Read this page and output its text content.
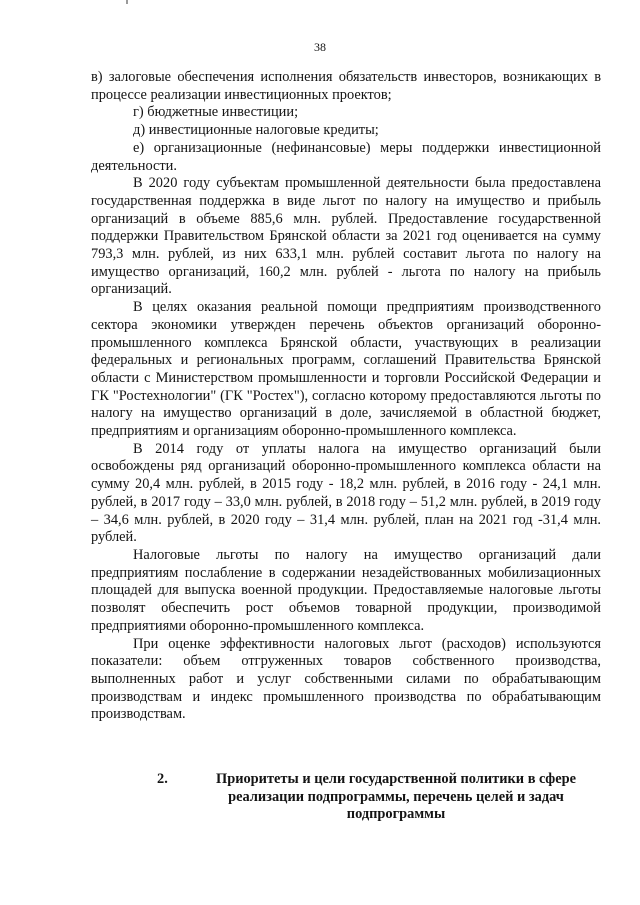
38

в) залоговые обеспечения исполнения обязательств инвесторов, возникающих в процессе реализации инвестиционных проектов;

г) бюджетные инвестиции;

д) инвестиционные налоговые кредиты;

е) организационные (нефинансовые) меры поддержки инвестиционной деятельности.

В 2020 году субъектам промышленной деятельности была предоставлена государственная поддержка в виде льгот по налогу на имущество и прибыль организаций в объеме 885,6 млн. рублей. Предоставление государственной поддержки Правительством Брянской области за 2021 год оценивается на сумму 793,3 млн. рублей, из них 633,1 млн. рублей составит льгота по налогу на имущество организаций, 160,2 млн. рублей - льгота по налогу на прибыль организаций.

В целях оказания реальной помощи предприятиям производственного сектора экономики утвержден перечень объектов организаций оборонно-промышленного комплекса Брянской области, участвующих в реализации федеральных и региональных программ, соглашений Правительства Брянской области с Министерством промышленности и торговли Российской Федерации и ГК "Ростехнологии" (ГК "Ростех"), согласно которому предоставляются льготы по налогу на имущество организаций в доле, зачисляемой в областной бюджет, предприятиям и организациям оборонно-промышленного комплекса.

В 2014 году от уплаты налога на имущество организаций были освобождены ряд организаций оборонно-промышленного комплекса области на сумму 20,4 млн. рублей, в 2015 году - 18,2 млн. рублей, в 2016 году - 24,1 млн. рублей, в 2017 году – 33,0 млн. рублей, в 2018 году – 51,2 млн. рублей, в 2019 году – 34,6 млн. рублей, в 2020 году – 31,4 млн. рублей, план на 2021 год -31,4 млн. рублей.

Налоговые льготы по налогу на имущество организаций дали предприятиям послабление в содержании незадействованных мобилизационных площадей для выпуска военной продукции. Предоставляемые налоговые льготы позволят обеспечить рост объемов товарной продукции, производимой предприятиями оборонно-промышленного комплекса.

При оценке эффективности налоговых льгот (расходов) используются показатели: объем отгруженных товаров собственного производства, выполненных работ и услуг собственными силами по обрабатывающим производствам и индекс промышленного производства по обрабатывающим производствам.

2.	Приоритеты и цели государственной политики в сфере реализации подпрограммы, перечень целей и задач подпрограммы
